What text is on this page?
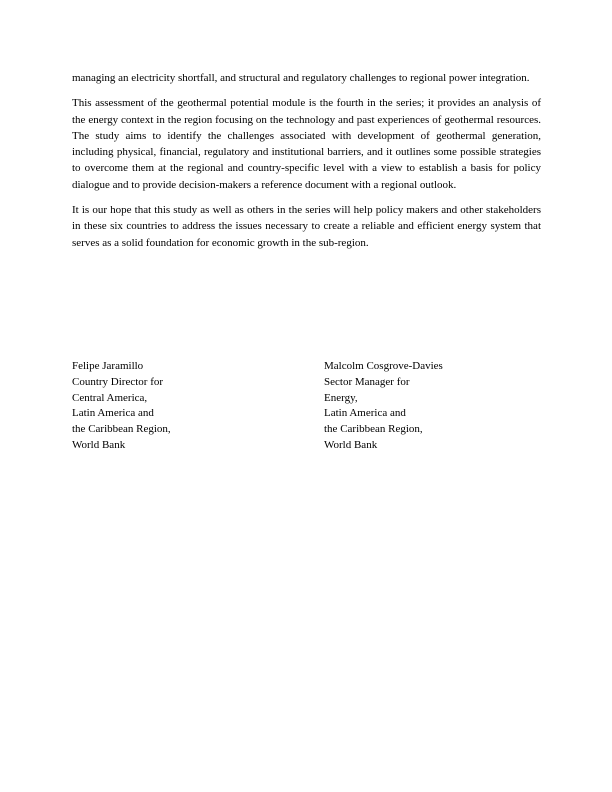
managing an electricity shortfall, and structural and regulatory challenges to regional power integration.

This assessment of the geothermal potential module is the fourth in the series; it provides an analysis of the energy context in the region focusing on the technology and past experiences of geothermal resources. The study aims to identify the challenges associated with development of geothermal generation, including physical, financial, regulatory and institutional barriers, and it outlines some possible strategies to overcome them at the regional and country-specific level with a view to establish a basis for policy dialogue and to provide decision-makers a reference document with a regional outlook.

It is our hope that this study as well as others in the series will help policy makers and other stakeholders in these six countries to address the issues necessary to create a reliable and efficient energy system that serves as a solid foundation for economic growth in the sub-region.

Felipe Jaramillo
Country Director for
Central America,
Latin America and
the Caribbean Region,
World Bank
Malcolm Cosgrove-Davies
Sector Manager for
Energy,
Latin America and
the Caribbean Region,
World Bank
